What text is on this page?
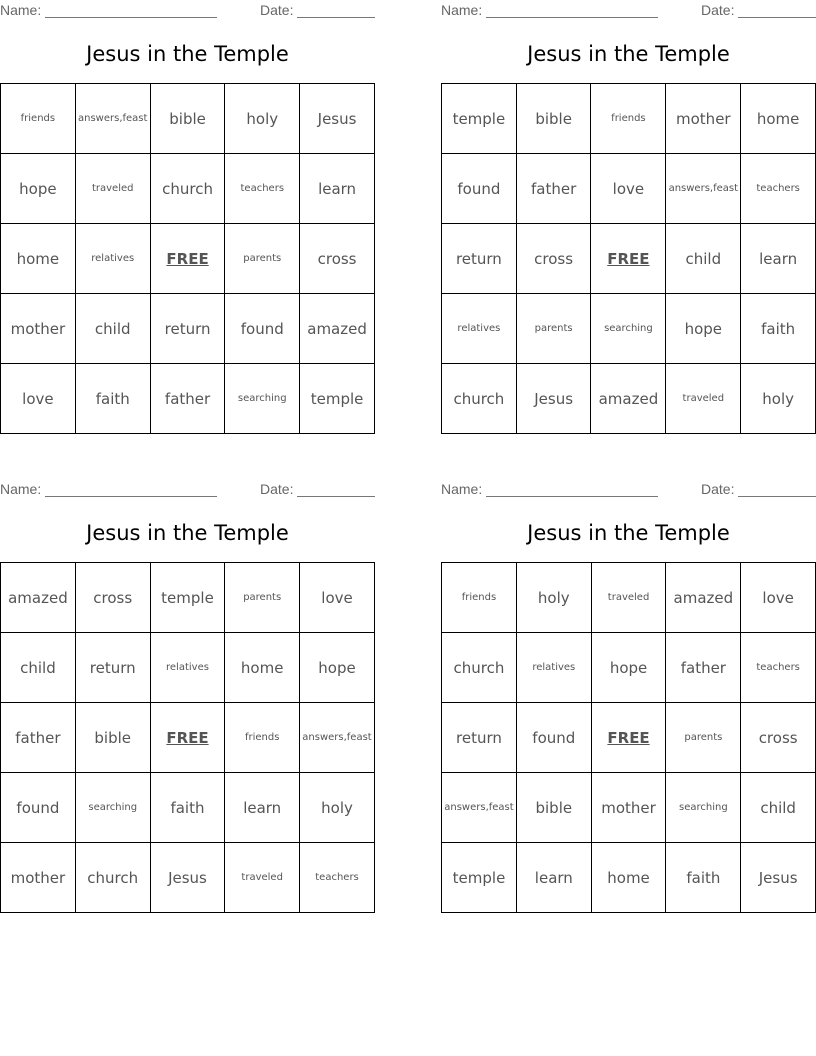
Name:	Date:
Jesus in the Temple
friends	answers,feast	bible	holy	Jesus
hope	traveled	church	teachers	learn
home	relatives	FREE	parents	cross
mother	child	return	found	amazed
love	faith	father	searching	temple
Name:	Date:
Jesus in the Temple
temple	bible	friends	mother	home
found	father	love	answers,feast	teachers
return	cross	FREE	child	learn
relatives	parents	searching	hope	faith
church	Jesus	amazed	traveled	holy
Name:	Date:
Jesus in the Temple
amazed	cross	temple	parents	love
child	return	relatives	home	hope
father	bible	FREE	friends	answers,feast
found	searching	faith	learn	holy
mother	church	Jesus	traveled	teachers
Name:	Date:
Jesus in the Temple
friends	holy	traveled	amazed	love
church	relatives	hope	father	teachers
return	found	FREE	parents	cross
answers,feast	bible	mother	searching	child
temple	learn	home	faith	Jesus
